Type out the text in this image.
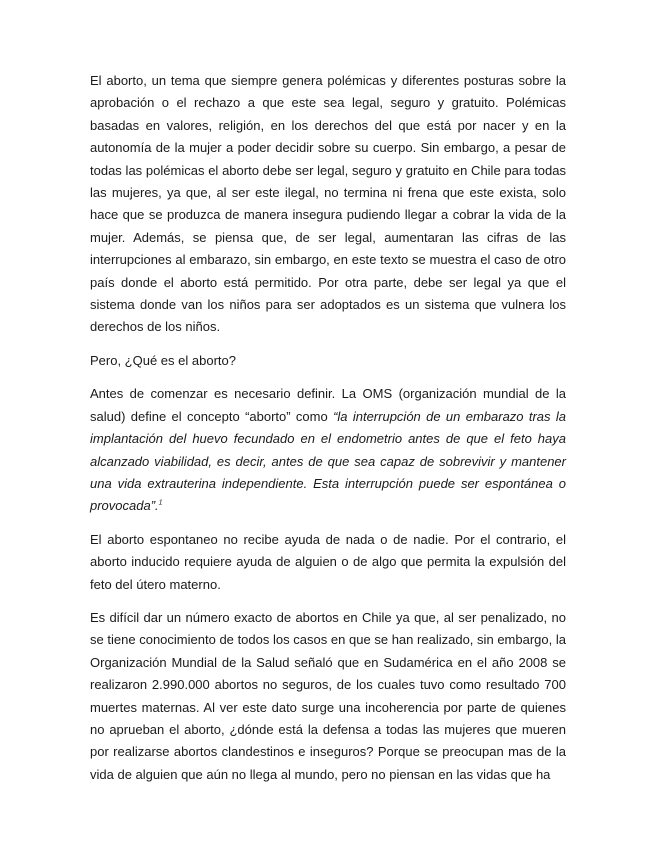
El aborto, un tema que siempre genera polémicas y diferentes posturas sobre la aprobación o el rechazo a que este sea legal, seguro y gratuito. Polémicas basadas en valores, religión, en los derechos del que está por nacer y en la autonomía de la mujer a poder decidir sobre su cuerpo. Sin embargo, a pesar de todas las polémicas el aborto debe ser legal, seguro y gratuito en Chile para todas las mujeres, ya que, al ser este ilegal, no termina ni frena que este exista, solo hace que se produzca de manera insegura pudiendo llegar a cobrar la vida de la mujer. Además, se piensa que, de ser legal, aumentaran las cifras de las interrupciones al embarazo, sin embargo, en este texto se muestra el caso de otro país donde el aborto está permitido. Por otra parte, debe ser legal ya que el sistema donde van los niños para ser adoptados es un sistema que vulnera los derechos de los niños.

Pero, ¿Qué es el aborto?

Antes de comenzar es necesario definir. La OMS (organización mundial de la salud) define el concepto “aborto” como “la interrupción de un embarazo tras la implantación del huevo fecundado en el endometrio antes de que el feto haya alcanzado viabilidad, es decir, antes de que sea capaz de sobrevivir y mantener una vida extrauterina independiente. Esta interrupción puede ser espontánea o provocada”.$^1$

El aborto espontaneo no recibe ayuda de nada o de nadie. Por el contrario, el aborto inducido requiere ayuda de alguien o de algo que permita la expulsión del feto del útero materno.

Es difícil dar un número exacto de abortos en Chile ya que, al ser penalizado, no se tiene conocimiento de todos los casos en que se han realizado, sin embargo, la Organización Mundial de la Salud señaló que en Sudamérica en el año 2008 se realizaron 2.990.000 abortos no seguros, de los cuales tuvo como resultado 700 muertes maternas. Al ver este dato surge una incoherencia por parte de quienes no aprueban el aborto, ¿dónde está la defensa a todas las mujeres que mueren por realizarse abortos clandestinos e inseguros? Porque se preocupan mas de la vida de alguien que aún no llega al mundo, pero no piensan en las vidas que ha
